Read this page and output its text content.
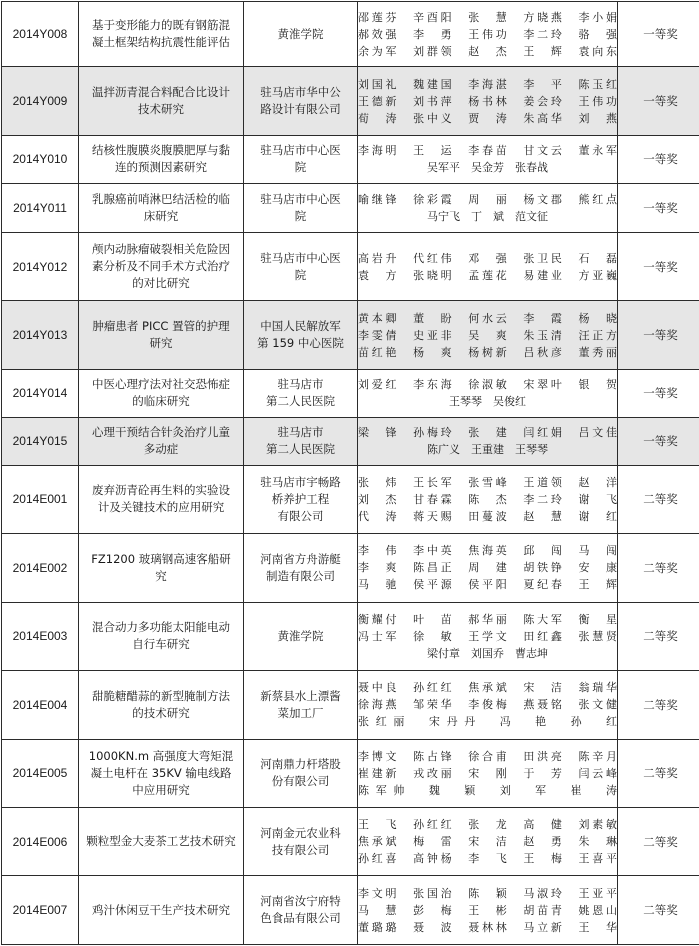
2014Y008	基于变形能力的既有钢筋混
凝土框架结构抗震性能评估	黄淮学院	邵莲芬　辛酉阳　张　慧　方晓燕　李小娟
郝效强　李　勇　王伟功　李二玲　骆　强
余为军　刘群领　赵　杰　王　辉　袁向东	一等奖
2014Y009	温拌沥青混合料配合比设计
技术研究	驻马店市华中公
路设计有限公司	刘国礼　魏建国　李海湛　李　平　陈玉红
王德新　刘书萍　杨书林　姜会玲　王伟功
荀　涛　张中义　贾　涛　朱高华　刘　燕	一等奖
2014Y010	结核性腹膜炎腹膜肥厚与黏
连的预测因素研究	驻马店市中心医
院	李海明　王　运　李春苗　甘文云　董永军
吴军平　吴金芳　张春战	一等奖
2014Y011	乳腺癌前哨淋巴结活检的临
床研究	驻马店市中心医
院	喻继锋　徐彩霞　周　丽　杨文郡　熊红点
马宁飞　丁　斌　范文征	一等奖
2014Y012	颅内动脉瘤破裂相关危险因
素分析及不同手术方式治疗
的对比研究	驻马店市中心医
院	高岩升　代红伟　邓　强　张卫民　石　磊
袁　方　张晓明　孟莲花　易建业　方亚巍	一等奖
2014Y013	肿瘤患者 PICC 置管的护理
研究	中国人民解放军
第 159 中心医院	黄本卿　董　盼　何水云　李　霞　杨　晓
李雯倩　史亚非　吴　爽　朱玉清　汪正方
苗红艳　杨　爽　杨树新　吕秋彦　董秀丽	一等奖
2014Y014	中医心理疗法对社交恐怖症
的临床研究	驻马店市
第二人民医院	刘爱红　李东海　徐淑敏　宋翠叶　银　贺
王琴琴　吴俊红	一等奖
2014Y015	心理干预结合针灸治疗儿童
多动症	驻马店市
第二人民医院	梁　锋　孙梅玲　张　建　闫红娟　吕文佳
陈广义　王重建　王琴琴	一等奖
2014E001	废弃沥青砼再生料的实验设
计及关键技术的应用研究	驻马店市宇畅路
桥养护工程
有限公司	张　炜　王长军　张雪峰　王道领　赵　洋
刘　杰　甘春霖　陈　杰　李二玲　谢　飞
代　涛　蒋天赐　田蔓波　赵　慧　谢　红	二等奖
2014E002	FZ1200 玻璃钢高速客船研
究	河南省方舟游艇
制造有限公司	李　伟　李中英　焦海英　邱　闯　马　闯
李　爽　陈昌正　周　建　胡铁铮　安　康
马　驰　侯平源　侯平阳　夏纪春　王　辉	二等奖
2014E003	混合动力多功能太阳能电动
自行车研究	黄淮学院	衡耀付　叶　苗　郝华丽　陈大军　衡　星
冯士军　徐　敏　王学文　田红鑫　张慧贤
梁付章　刘国乔　曹志坤	二等奖
2014E004	甜脆糖醋蒜的新型腌制方法
的技术研究	新蔡县水上漂酱
菜加工厂	聂中良　孙红红　焦承斌　宋　洁　翁瑞华
徐海燕　邹荣华　李俊梅　燕聂铭　张文健
张红丽　宋丹丹　冯　艳　孙　红	二等奖
2014E005	1000KN.m 高强度大弯矩混
凝土电杆在 35KV 输电线路
中应用研究	河南鼎力杆塔股
份有限公司	李博文　陈占锋　徐合甫　田洪亮　陈辛月
崔建新　戎改丽　宋　刚　于　芳　闫云峰
陈军帅　魏　颖　刘　军　崔　涛	二等奖
2014E006	颗粒型金大麦茶工艺技术研究	河南金元农业科
技有限公司	王　飞　孙红红　张　龙　高　健　刘素敏
焦承斌　梅　雷　宋　洁　赵　勇　朱　琳
孙红喜　高钟杨　李　飞　王　梅　王喜平	二等奖
2014E007	鸡汁休闲豆干生产技术研究	河南省汝宁府特
色食品有限公司	李文明　张国治　陈　颖　马淑玲　王亚平
马　慧　彭　梅　王　彬　胡苗青　姚恩山
董璐璐　聂　波　聂林林　马立新　王　华	二等奖
